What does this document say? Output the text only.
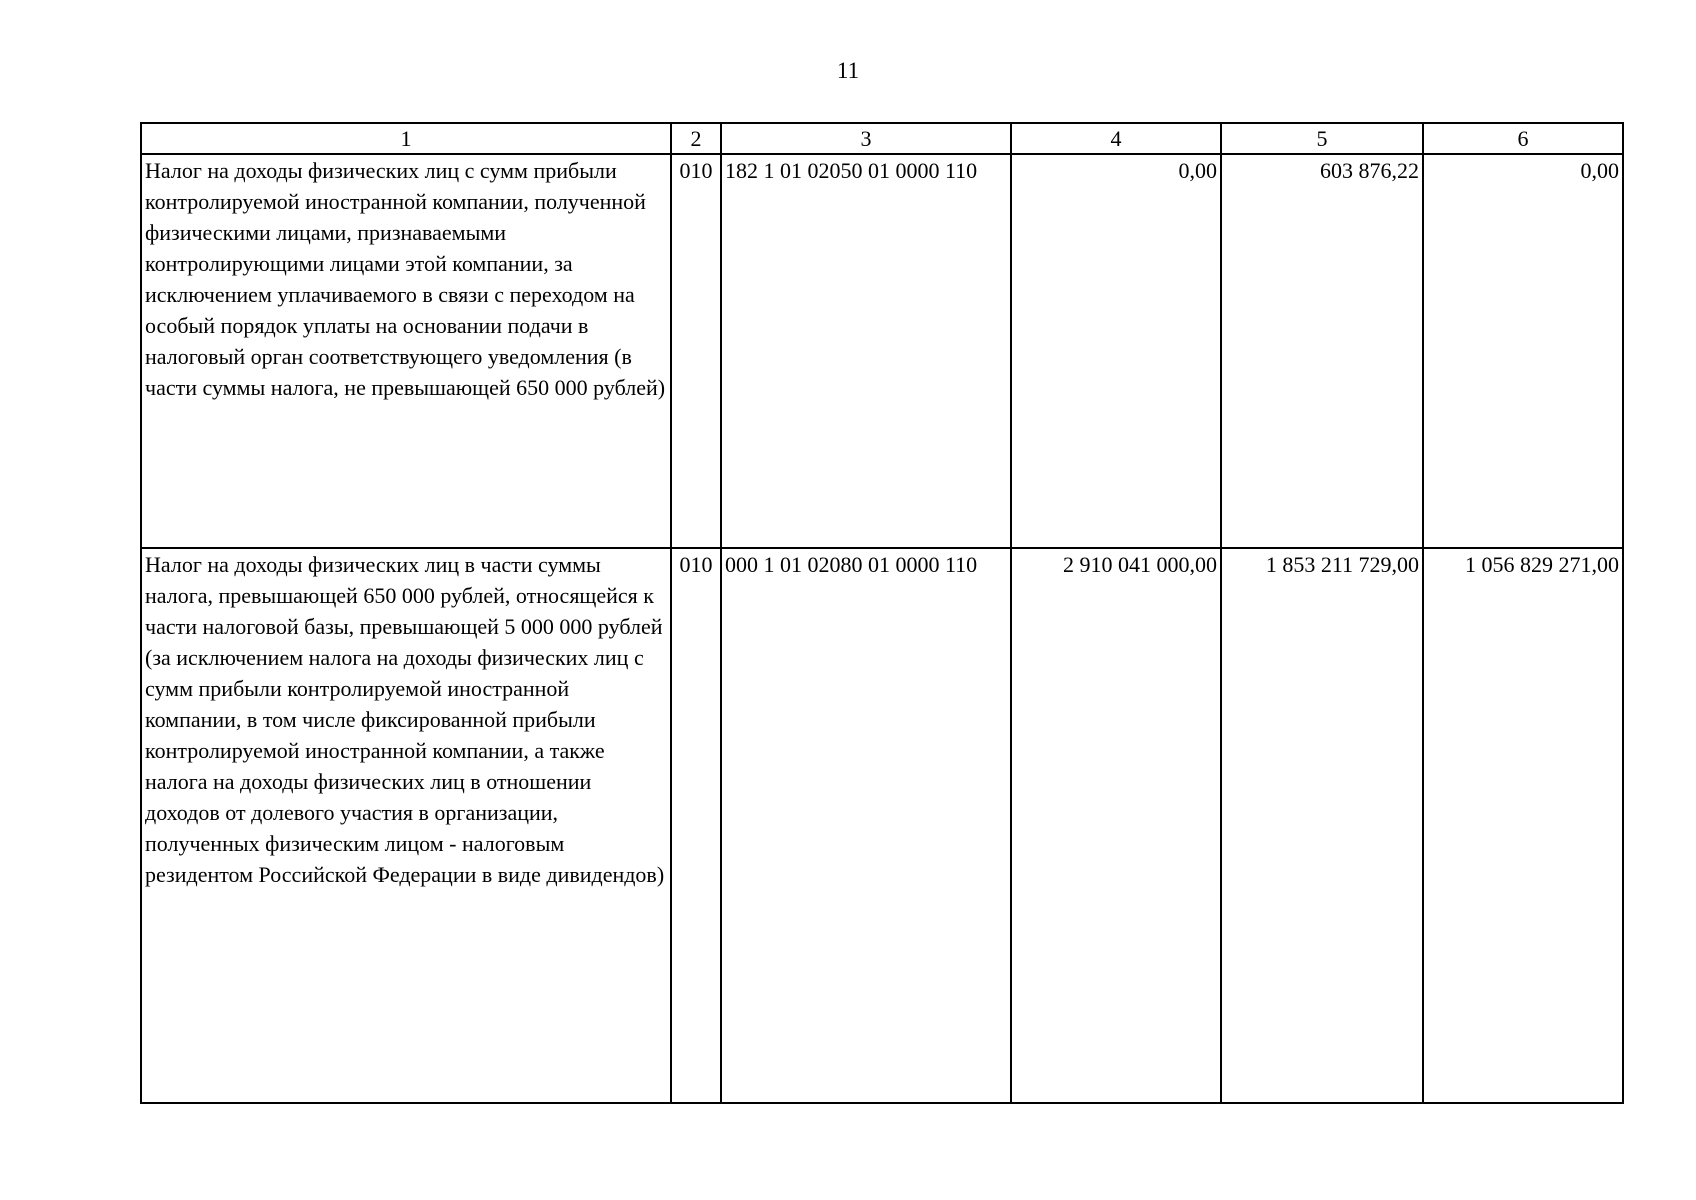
11
1	2	3	4	5	6
Налог на доходы физических лиц с сумм прибыли контролируемой иностранной компании, полученной физическими лицами, признаваемыми контролирующими лицами этой компании, за исключением уплачиваемого в связи с переходом на особый порядок уплаты на основании подачи в налоговый орган соответствующего уведомления (в части суммы налога, не превышающей 650 000 рублей)	010	182 1 01 02050 01 0000 110	0,00	603 876,22	0,00
Налог на доходы физических лиц в части суммы налога, превышающей 650 000 рублей, относящейся к части налоговой базы, превышающей 5 000 000 рублей (за исключением налога на доходы физических лиц с сумм прибыли контролируемой иностранной компании, в том числе фиксированной прибыли контролируемой иностранной компании, а также налога на доходы физических лиц в отношении доходов от долевого участия в организации, полученных физическим лицом - налоговым резидентом Российской Федерации в виде дивидендов)	010	000 1 01 02080 01 0000 110	2 910 041 000,00	1 853 211 729,00	1 056 829 271,00
